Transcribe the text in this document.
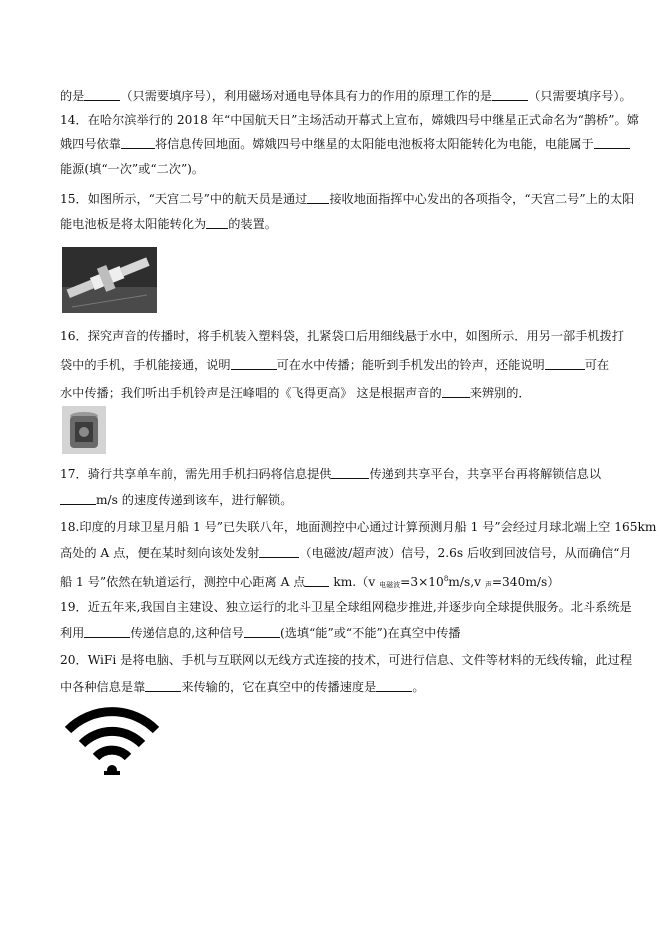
的是	（只需要填序号），利用磁场对通电导体具有力的作用的原理工作的是	（只需要填序号）。
14．在哈尔滨举行的 2018 年“中国航天日”主场活动开幕式上宣布，嫦娥四号中继星正式命名为“鹊桥”。嫦
娥四号依靠	将信息传回地面。嫦娥四号中继星的太阳能电池板将太阳能转化为电能，电能属于
能源(填“一次”或“二次”)。
15．如图所示，“天宫二号”中的航天员是通过 接收地面指挥中心发出的各项指令，“天宫二号”上的太阳
能电池板是将太阳能转化为 的装置。
16．探究声音的传播时，将手机装入塑料袋，扎紧袋口后用细线悬于水中，如图所示．用另一部手机拨打
袋中的手机，手机能接通，说明	可在水中传播；能听到手机发出的铃声，还能说明	可在
水中传播；我们听出手机铃声是汪峰唱的《飞得更高》 这是根据声音的 来辨别的．
17．骑行共享单车前，需先用手机扫码将信息提供	传递到共享平台，共享平台再将解锁信息以
m/s 的速度传递到该车，进行解锁。
18.印度的月球卫星月船 1 号”已失联八年，地面测控中心通过计算预测月船 1 号”会经过月球北端上空 165km
高处的 A 点，便在某时刻向该处发射	（电磁波/超声波）信号，2.6s 后收到回波信号，从而确信“月
船 1 号”依然在轨道运行，测控中心距离 A 点 km.（v 电磁波$=3\times 10^8m/s,v$ 声=340m/s）
19．近五年来,我国自主建设、独立运行的北斗卫星全球组网稳步推进,并逐步向全球提供服务。北斗系统是
利用	传递信息的,这种信号	(选填“能”或“不能”)在真空中传播
20．WiFi 是将电脑、手机与互联网以无线方式连接的技术，可进行信息、文件等材料的无线传输，此过程
中各种信息是靠	来传输的，它在真空中的传播速度是	。
